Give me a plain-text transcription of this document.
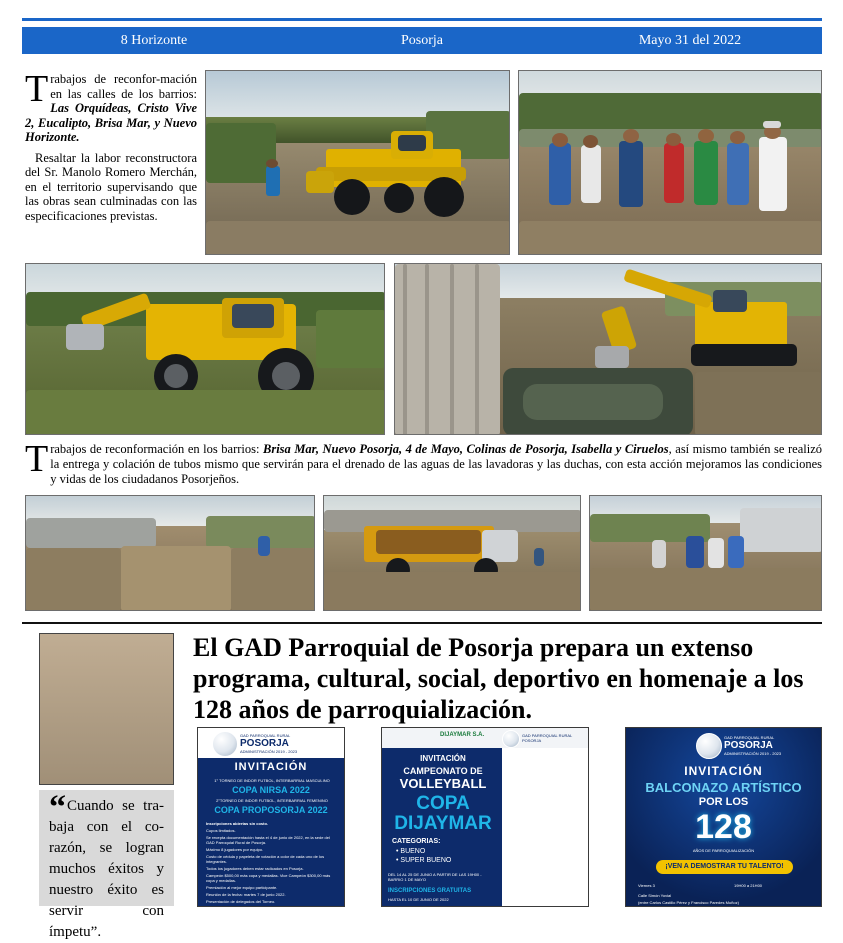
8 Horizonte	Posorja	Mayo 31 del 2022

Trabajos de reconfor-mación en las calles de los barrios: Las Orquídeas, Cristo Vive 2, Eucalipto, Brisa Mar, y Nuevo Horizonte.

Resaltar la labor reconstructora del Sr. Manolo Romero Merchán, en el territorio supervisando que las obras sean culminadas con las especificaciones previstas.

Trabajos de reconformación en los barrios: Brisa Mar, Nuevo Posorja, 4 de Mayo, Colinas de Posorja, Isabella y Ciruelos, así mismo también se realizó la entrega y colación de tubos mismo que servirán para el drenado de las aguas de las lavadoras y las duchas, con esta acción mejoramos las condiciones y vidas de los ciudadanos Posorjeños.
El GAD Parroquial de Posorja prepara un extenso programa, cultural, social, deportivo en homenaje a los 128 años de parroquialización.
“Cuando se trabaja con el corazón, se logran muchos éxitos y nuestro éxito es servir con ímpetu”.
GAD PARROQUIAL RURAL
POSORJA
ADMINISTRACIÓN 2019 - 2023
INVITACIÓN
1° TORNEO DE INDOR FUTBOL, INTERBARRIAL MASCULINO
COPA NIRSA 2022
2°TORNEO DE INDOR FUTBOL, INTERBARRIAL FEMENINO
COPA PROPOSORJA 2022
Inscripciones abiertas sin costo.
Cupos limitados.
Se recepta documentación hasta el 4 de junio de 2022, en la sede del GAD Parroquial Rural de Posorja.
Máximo 8 jugadores por equipo.
Costo de cédula y papeleta de votación a color de cada uno de los integrantes.
Todos los jugadores deben estar radicados en Posorja.
Campeón $500,00 más copa y medallas. Vice Campeón $300,00 más copa y medallas.
Premiación al mejor equipo participante.
Reunión de la fecha: martes 7 de junio 2022.
Presentación de delegados del Torneo.
DIJAYMAR S.A.	GAD PARROQUIAL RURAL POSORJA
INVITACIÓN
CAMPEONATO DE
VOLLEYBALL
COPA DIJAYMAR
CATEGORIAS:
• BUENO
• SUPER BUENO
DEL 14 AL 25 DE JUNIO A PARTIR DE LAS 19H00 - BARRIO 1 DE MAYO
INSCRIPCIONES GRATUITAS
HASTA EL 10 DE JUNIO DE 2022
GAD PARROQUIAL RURAL
POSORJA
ADMINISTRACIÓN 2019 - 2023
INVITACIÓN
BALCONAZO ARTÍSTICO
POR LOS
128
AÑOS DE PARROQUIALIZACIÓN
¡VEN A DEMOSTRAR TU TALENTO!
Viernes 3	19H00 a 21H00
Calle Simón Yovial
(entre Carlos Castillo Pérez y Francisco Paredes Muñoz)
